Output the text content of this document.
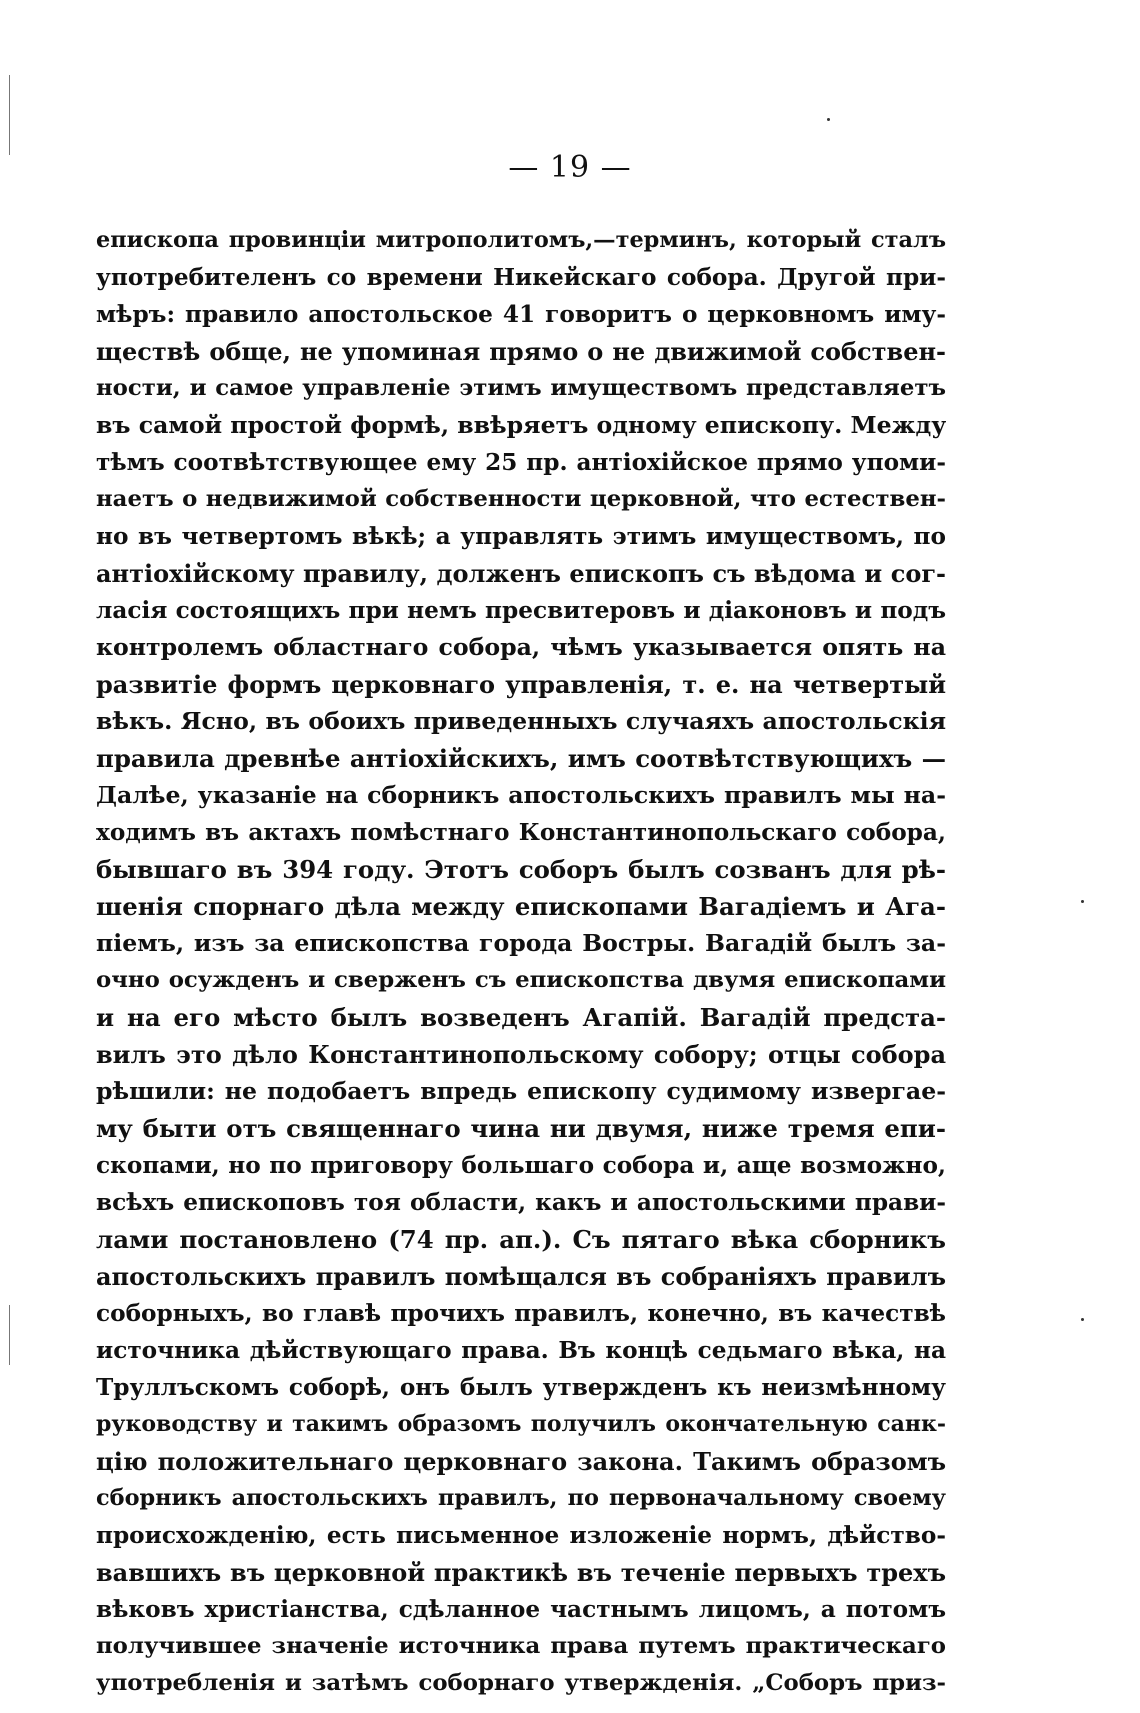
— 19 —
епископа провинціи митрополитомъ,—терминъ, который сталъ
употребителенъ со времени Никейскаго собора. Другой при-
мѣръ: правило апостольское 41 говоритъ о церковномъ иму-
ществѣ обще, не упоминая прямо о не движимой собствен-
ности, и самое управленіе этимъ имуществомъ представляетъ
въ самой простой формѣ, ввѣряетъ одному епископу. Между
тѣмъ соотвѣтствующее ему 25 пр. антіохійское прямо упоми-
наетъ о недвижимой собственности церковной, что естествен-
но въ четвертомъ вѣкѣ; а управлять этимъ имуществомъ, по
антіохійскому правилу, долженъ епископъ съ вѣдома и сог-
ласія состоящихъ при немъ пресвитеровъ и діаконовъ и подъ
контролемъ областнаго собора, чѣмъ указывается опять на
развитіе формъ церковнаго управленія, т. е. на четвертый
вѣкъ. Ясно, въ обоихъ приведенныхъ случаяхъ апостольскія
правила древнѣе антіохійскихъ, имъ соотвѣтствующихъ —
Далѣе, указаніе на сборникъ апостольскихъ правилъ мы на-
ходимъ въ актахъ помѣстнаго Константинопольскаго собора,
бывшаго въ 394 году. Этотъ соборъ былъ созванъ для рѣ-
шенія спорнаго дѣла между епископами Вагадіемъ и Ага-
піемъ, изъ за епископства города Востры. Вагадій былъ за-
очно осужденъ и сверженъ съ епископства двумя епископами
и на его мѣсто былъ возведенъ Агапій. Вагадій предста-
вилъ это дѣло Константинопольскому собору; отцы собора
рѣшили: не подобаетъ впредь епископу судимому извергае-
му быти отъ священнаго чина ни двумя, ниже тремя епи-
скопами, но по приговору большаго собора и, аще возможно,
всѣхъ епископовъ тоя области, какъ и апостольскими прави-
лами постановлено (74 пр. ап.). Съ пятаго вѣка сборникъ
апостольскихъ правилъ помѣщался въ собраніяхъ правилъ
соборныхъ, во главѣ прочихъ правилъ, конечно, въ качествѣ
источника дѣйствующаго права. Въ концѣ седьмаго вѣка, на
Труллъскомъ соборѣ, онъ былъ утвержденъ къ неизмѣнному
руководству и такимъ образомъ получилъ окончательную санк-
цію положительнаго церковнаго закона. Такимъ образомъ
сборникъ апостольскихъ правилъ, по первоначальному своему
происхожденію, есть письменное изложеніе нормъ, дѣйство-
вавшихъ въ церковной практикѣ въ теченіе первыхъ трехъ
вѣковъ христіанства, сдѣланное частнымъ лицомъ, а потомъ
получившее значеніе источника права путемъ практическаго
употребленія и затѣмъ соборнаго утвержденія. „Соборъ приз-
